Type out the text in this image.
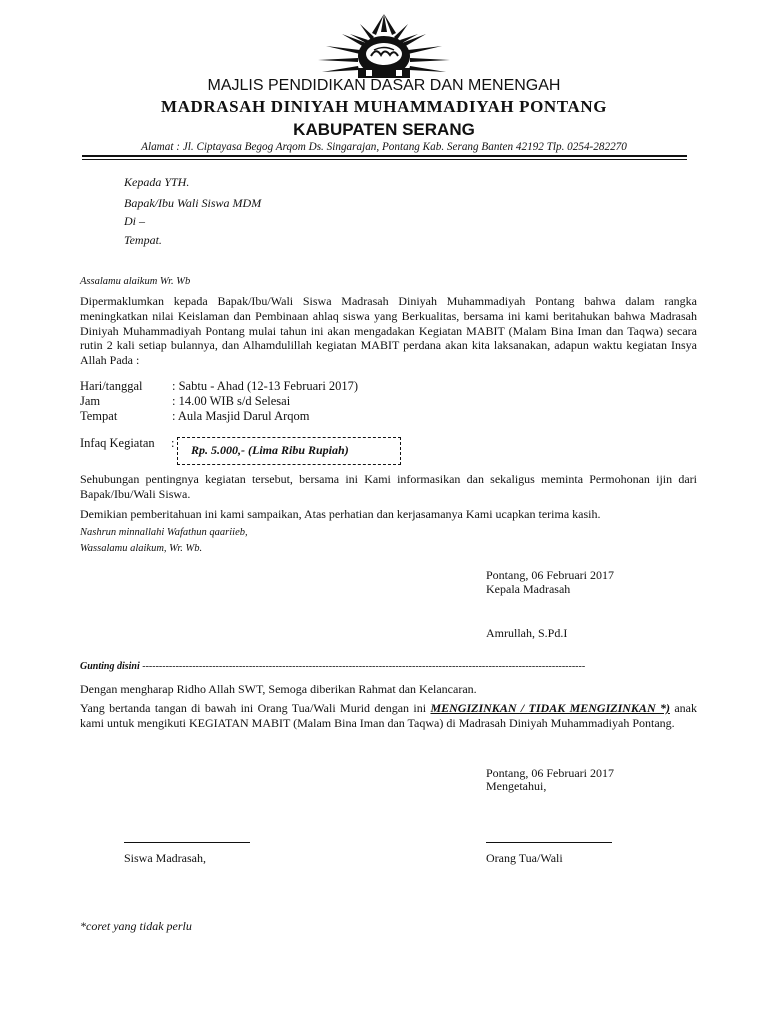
MAJLIS PENDIDIKAN DASAR DAN MENENGAH
MADRASAH DINIYAH MUHAMMADIYAH PONTANG
KABUPATEN SERANG
Alamat : Jl. Ciptayasa Begog Arqom Ds. Singarajan, Pontang Kab. Serang Banten 42192 Tlp. 0254-282270
Kepada YTH.
Bapak/Ibu Wali Siswa MDM
Di –
Tempat.
Assalamu alaikum Wr. Wb
Dipermaklumkan kepada Bapak/Ibu/Wali Siswa Madrasah Diniyah Muhammadiyah Pontang bahwa dalam rangka meningkatkan nilai Keislaman dan Pembinaan ahlaq siswa yang Berkualitas, bersama ini kami beritahukan bahwa Madrasah Diniyah Muhammadiyah Pontang mulai tahun ini akan mengadakan Kegiatan MABIT (Malam Bina Iman dan Taqwa) secara rutin 2 kali setiap bulannya, dan Alhamdulillah kegiatan MABIT perdana akan kita laksanakan, adapun waktu kegiatan Insya Allah Pada :
Hari/tanggal : Sabtu - Ahad (12-13 Februari 2017)
Jam	: 14.00 WIB s/d Selesai
Tempat	: Aula Masjid Darul Arqom
Infaq Kegiatan : Rp. 5.000,- (Lima Ribu Rupiah)
Sehubungan pentingnya kegiatan tersebut, bersama ini Kami informasikan dan sekaligus meminta Permohonan ijin dari Bapak/Ibu/Wali Siswa.
Demikian pemberitahuan ini kami sampaikan, Atas perhatian dan kerjasamanya Kami ucapkan terima kasih.
Nashrun minnallahi Wafathun qaariieb,
Wassalamu alaikum, Wr. Wb.
Pontang, 06 Februari 2017
Kepala Madrasah
Amrullah, S.Pd.I
Gunting disini -------------------------------------------------------------------------------------------------------------------------------------
Dengan mengharap Ridho Allah SWT, Semoga diberikan Rahmat dan Kelancaran.
Yang bertanda tangan di bawah ini Orang Tua/Wali Murid dengan ini MENGIZINKAN / TIDAK MENGIZINKAN *) anak kami untuk mengikuti KEGIATAN MABIT (Malam Bina Iman dan Taqwa) di Madrasah Diniyah Muhammadiyah Pontang.
Pontang, 06 Februari 2017
Mengetahui,
Siswa Madrasah,	Orang Tua/Wali
*coret yang tidak perlu
